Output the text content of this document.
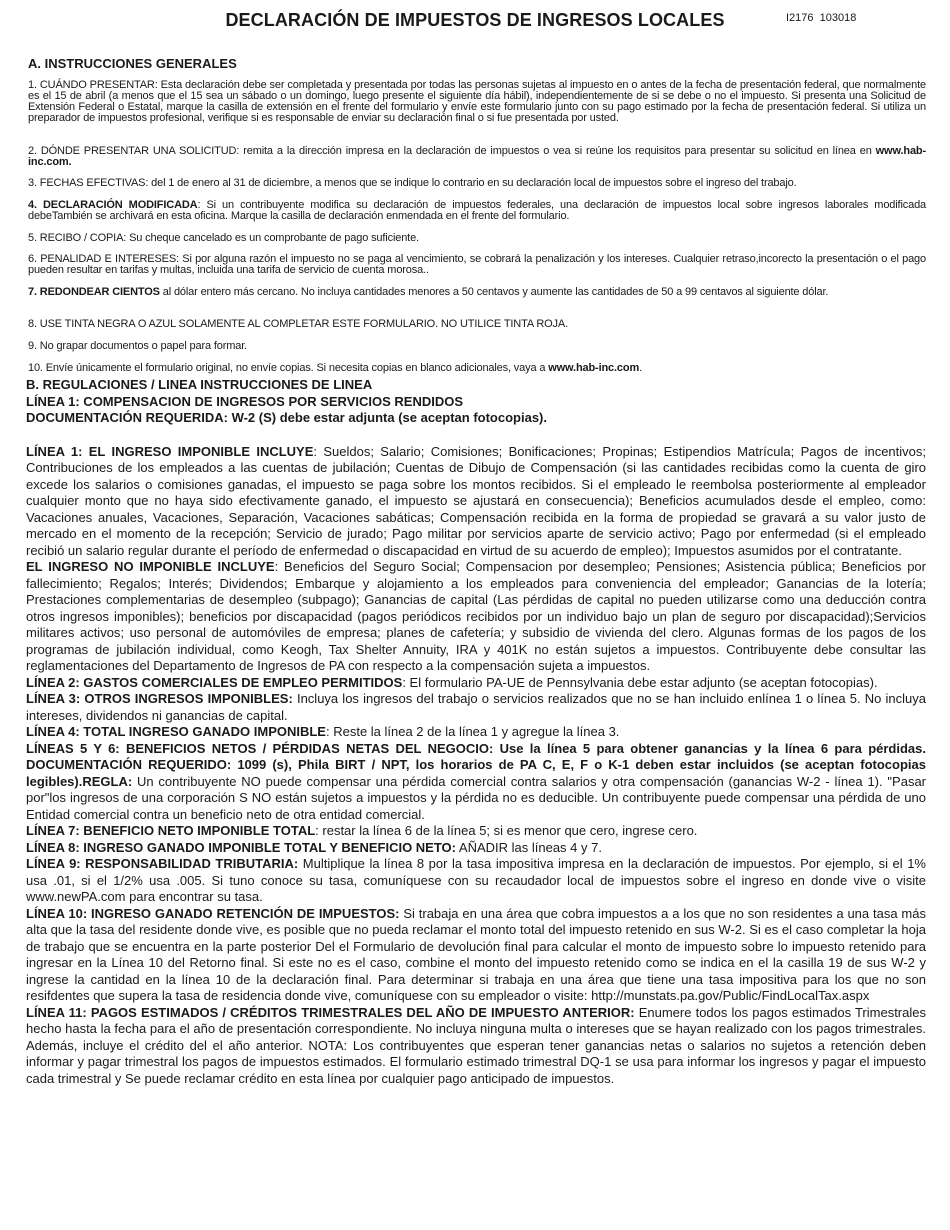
DECLARACIÓN DE IMPUESTOS DE INGRESOS LOCALES	I2176  103018
A. INSTRUCCIONES GENERALES
1. CUÁNDO PRESENTAR: Esta declaración debe ser completada y presentada por todas las personas sujetas al impuesto en o antes de la fecha de presentación federal, que normalmente es el 15 de abril (a menos que el 15 sea un sábado o un domingo, luego presente el siguiente día hábil), independientemente de si se debe o no el impuesto. Si presenta una Solicitud de Extensión Federal o Estatal, marque la casilla de extensión en el frente del formulario y envíe este formulario junto con su pago estimado por la fecha de presentación federal. Si utiliza un preparador de impuestos profesional, verifique si es responsable de enviar su declaración final o si fue presentada por usted.
2. DÓNDE PRESENTAR UNA SOLICITUD: remita a la dirección impresa en la declaración de impuestos o vea si reúne los requisitos para presentar su solicitud en línea en www.hab-inc.com.
3. FECHAS EFECTIVAS: del 1 de enero al 31 de diciembre, a menos que se indique lo contrario en su declaración local de impuestos sobre el ingreso del trabajo.
4. DECLARACIÓN MODIFICADA: Si un contribuyente modifica su declaración de impuestos federales, una declaración de impuestos local sobre ingresos laborales modificada debeTambién se archivará en esta oficina. Marque la casilla de declaración enmendada en el frente del formulario.
5. RECIBO / COPIA: Su cheque cancelado es un comprobante de pago suficiente.
6. PENALIDAD E INTERESES: Si por alguna razón el impuesto no se paga al vencimiento, se cobrará la penalización y los intereses. Cualquier retraso,incorecto la presentación o el pago pueden resultar en tarifas y multas, incluida una tarifa de servicio de cuenta morosa..
7. REDONDEAR CIENTOS al dólar entero más cercano. No incluya cantidades menores a 50 centavos y aumente las cantidades de 50 a 99 centavos al siguiente dólar.
8. USE TINTA NEGRA O AZUL SOLAMENTE AL COMPLETAR ESTE FORMULARIO. NO UTILICE TINTA ROJA.
9. No grapar documentos o papel para formar.
10. Envíe únicamente el formulario original, no envíe copias. Si necesita copias en blanco adicionales, vaya a www.hab-inc.com.
B. REGULACIONES / LINEA INSTRUCCIONES DE LINEA
LÍNEA 1: COMPENSACION DE INGRESOS POR SERVICIOS RENDIDOS
DOCUMENTACIÓN REQUERIDA: W-2 (S) debe estar adjunta (se aceptan fotocopias).

LÍNEA 1: EL INGRESO IMPONIBLE INCLUYE: Sueldos; Salario; Comisiones; Bonificaciones; Propinas; Estipendios Matrícula; Pagos de incentivos; Contribuciones de los empleados a las cuentas de jubilación; Cuentas de Dibujo de Compensación (si las cantidades recibidas como la cuenta de giro excede los salarios o comisiones ganadas, el impuesto se paga sobre los montos recibidos. Si el empleado le reembolsa posteriormente al empleador cualquier monto que no haya sido efectivamente ganado, el impuesto se ajustará en consecuencia); Beneficios acumulados desde el empleo, como: Vacaciones anuales, Vacaciones, Separación, Vacaciones sabáticas; Compensación recibida en la forma de propiedad se gravará a su valor justo de mercado en el momento de la recepción; Servicio de jurado; Pago militar por servicios aparte de servicio activo; Pago por enfermedad (si el empleado recibió un salario regular durante el período de enfermedad o discapacidad en virtud de su acuerdo de empleo); Impuestos asumidos por el contratante.

EL INGRESO NO IMPONIBLE INCLUYE: Beneficios del Seguro Social; Compensacion por desempleo; Pensiones; Asistencia pública; Beneficios por fallecimiento; Regalos; Interés; Dividendos; Embarque y alojamiento a los empleados para conveniencia del empleador; Ganancias de la lotería; Prestaciones complementarias de desempleo (subpago); Ganancias de capital (Las pérdidas de capital no pueden utilizarse como una deducción contra otros ingresos imponibles); beneficios por discapacidad (pagos periódicos recibidos por un individuo bajo un plan de seguro por discapacidad);Servicios militares activos; uso personal de automóviles de empresa; planes de cafetería; y subsidio de vivienda del clero. Algunas formas de los pagos de los programas de jubilación individual, como Keogh, Tax Shelter Annuity, IRA y 401K no están sujetos a impuestos. Contribuyente debe consultar las reglamentaciones del Departamento de Ingresos de PA con respecto a la compensación sujeta a impuestos.

LÍNEA 2: GASTOS COMERCIALES DE EMPLEO PERMITIDOS: El formulario PA-UE de Pennsylvania debe estar adjunto (se aceptan fotocopias).

LÍNEA 3: OTROS INGRESOS IMPONIBLES: Incluya los ingresos del trabajo o servicios realizados que no se han incluido enlínea 1 o línea 5. No incluya intereses, dividendos ni ganancias de capital.

LÍNEA 4: TOTAL INGRESO GANADO IMPONIBLE: Reste la línea 2 de la línea 1 y agregue la línea 3.

LÍNEAS 5 Y 6: BENEFICIOS NETOS / PÉRDIDAS NETAS DEL NEGOCIO: Use la línea 5 para obtener ganancias y la línea 6 para pérdidas. DOCUMENTACIÓN REQUERIDO: 1099 (s), Phila BIRT / NPT, los horarios de PA C, E, F o K-1 deben estar incluidos (se aceptan fotocopias legibles).REGLA: Un contribuyente NO puede compensar una pérdida comercial contra salarios y otra compensación (ganancias W-2 - línea 1). "Pasar por"los ingresos de una corporación S NO están sujetos a impuestos y la pérdida no es deducible. Un contribuyente puede compensar una pérdida de uno Entidad comercial contra un beneficio neto de otra entidad comercial.

LÍNEA 7: BENEFICIO NETO IMPONIBLE TOTAL: restar la línea 6 de la línea 5; si es menor que cero, ingrese cero.

LÍNEA 8: INGRESO GANADO IMPONIBLE TOTAL Y BENEFICIO NETO: AÑADIR las líneas 4 y 7.

LÍNEA 9: RESPONSABILIDAD TRIBUTARIA: Multiplique la línea 8 por la tasa impositiva impresa en la declaración de impuestos. Por ejemplo, si el 1% usa .01, si el 1/2% usa .005. Si tuno conoce su tasa, comuníquese con su recaudador local de impuestos sobre el ingreso en donde vive o visite www.newPA.com para encontrar su tasa.

LÍNEA 10: INGRESO GANADO RETENCIÓN DE IMPUESTOS: Si trabaja en una área que cobra impuestos a a los que no son residentes a una tasa más alta que la tasa del residente donde vive, es posible que no pueda reclamar el monto total del impuesto retenido en sus W-2. Si es el caso completar la hoja de trabajo que se encuentra en la parte posterior Del el Formulario de devolución final para calcular el monto de impuesto sobre lo impuesto retenido para ingresar en la Línea 10 del Retorno final. Si este no es el caso, combine el monto del impuesto retenido como se indica en el la casilla 19 de sus W-2 y ingrese la cantidad en la línea 10 de la declaración final. Para determinar si trabaja en una área que tiene una tasa impositiva para los que no son resifdentes que supera la tasa de residencia donde vive, comuníquese con su empleador o visite: http://munstats.pa.gov/Public/FindLocalTax.aspx

LÍNEA 11: PAGOS ESTIMADOS / CRÉDITOS TRIMESTRALES DEL AÑO DE IMPUESTO ANTERIOR: Enumere todos los pagos estimados Trimestrales hecho hasta la fecha para el año de presentación correspondiente. No incluya ninguna multa o intereses que se hayan realizado con los pagos trimestrales. Además, incluye el crédito del el año anterior. NOTA: Los contribuyentes que esperan tener ganancias netas o salarios no sujetos a retención deben informar y pagar trimestral los pagos de impuestos estimados. El formulario estimado trimestral DQ-1 se usa para informar los ingresos y pagar el impuesto cada trimestral y Se puede reclamar crédito en esta línea por cualquier pago anticipado de impuestos.
